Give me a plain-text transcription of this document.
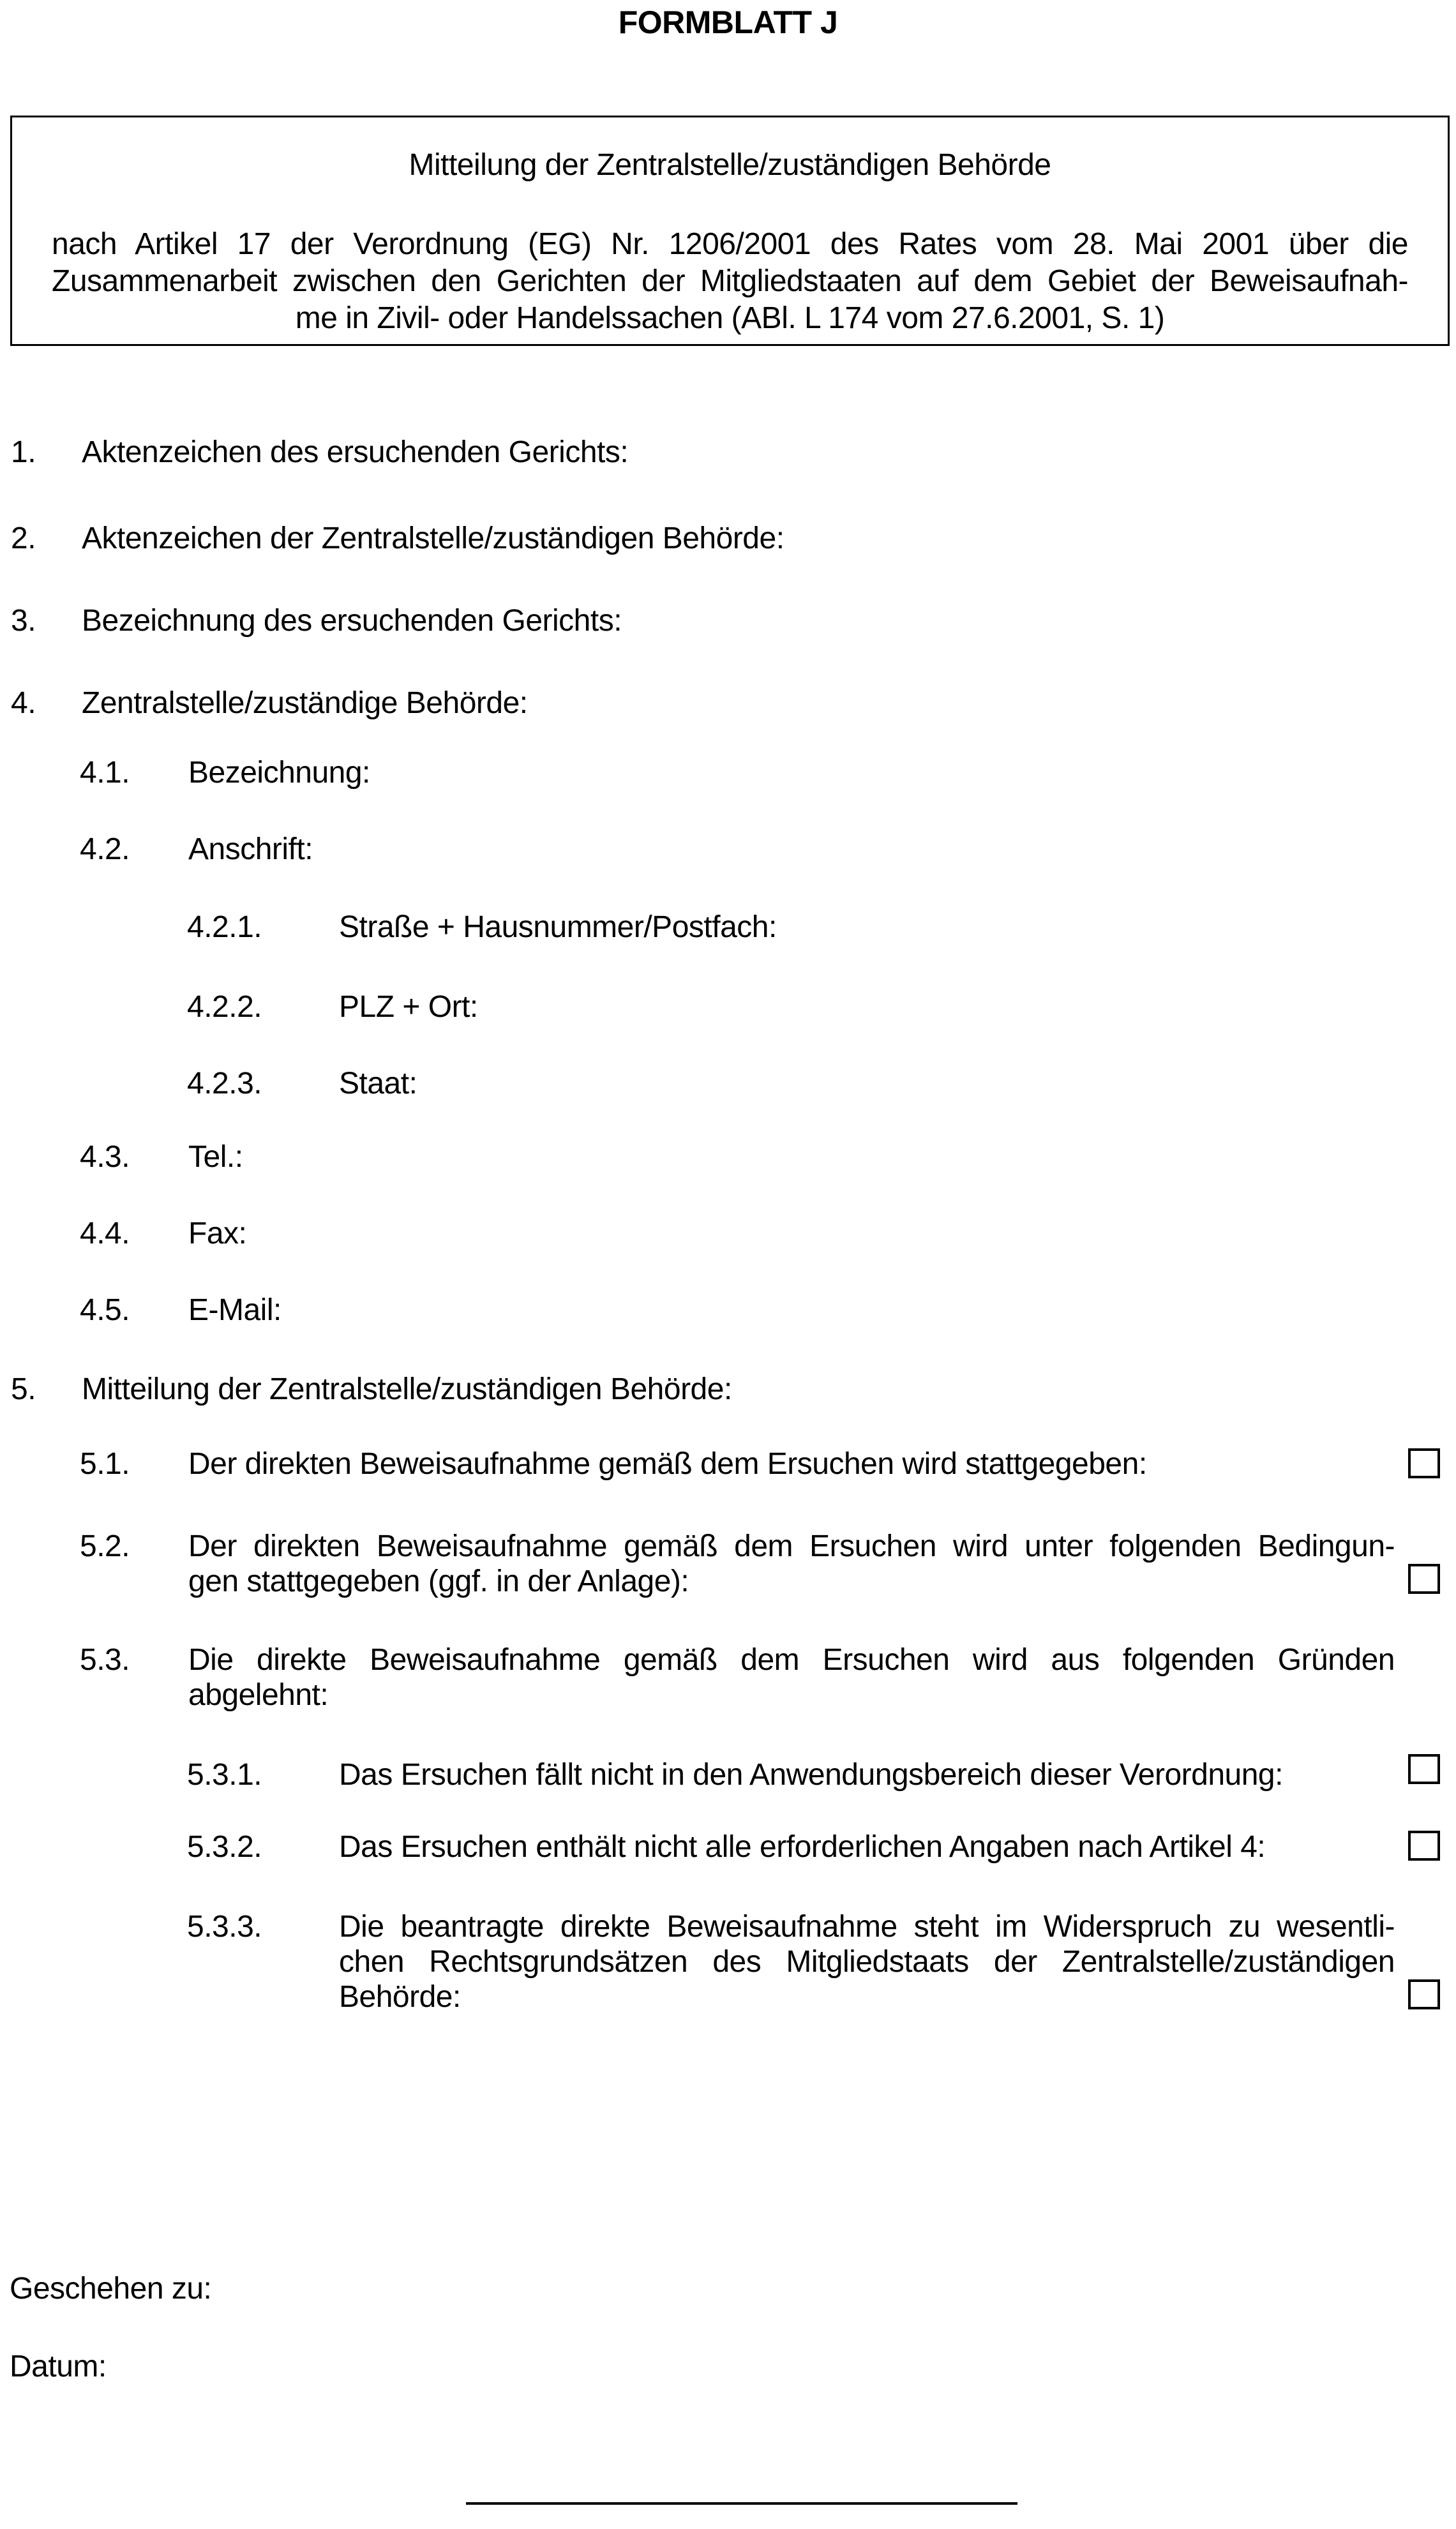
FORMBLATT J
Mitteilung der Zentralstelle/zuständigen Behörde
nach Artikel 17 der Verordnung (EG) Nr. 1206/2001 des Rates vom 28. Mai 2001 über die
Zusammenarbeit zwischen den Gerichten der Mitgliedstaaten auf dem Gebiet der Beweisaufnah-
me in Zivil- oder Handelssachen (ABl. L 174 vom 27.6.2001, S. 1)
1. Aktenzeichen des ersuchenden Gerichts:
2. Aktenzeichen der Zentralstelle/zuständigen Behörde:
3. Bezeichnung des ersuchenden Gerichts:
4. Zentralstelle/zuständige Behörde:
4.1. Bezeichnung:
4.2. Anschrift:
4.2.1.	Straße + Hausnummer/Postfach:
4.2.2.	PLZ + Ort:
4.2.3.	Staat:
4.3. Tel.:
4.4. Fax:
4.5. E-Mail:
5. Mitteilung der Zentralstelle/zuständigen Behörde:
5.1. Der direkten Beweisaufnahme gemäß dem Ersuchen wird stattgegeben:
5.2. Der direkten Beweisaufnahme gemäß dem Ersuchen wird unter folgenden Bedingun-
gen stattgegeben (ggf. in der Anlage):
5.3. Die direkte Beweisaufnahme gemäß dem Ersuchen wird aus folgenden Gründen
abgelehnt:
5.3.1.	Das Ersuchen fällt nicht in den Anwendungsbereich dieser Verordnung:
5.3.2.	Das Ersuchen enthält nicht alle erforderlichen Angaben nach Artikel 4:
5.3.3.	Die beantragte direkte Beweisaufnahme steht im Widerspruch zu wesentli-
chen Rechtsgrundsätzen des Mitgliedstaats der Zentralstelle/zuständigen
Behörde:
Geschehen zu:
Datum:
